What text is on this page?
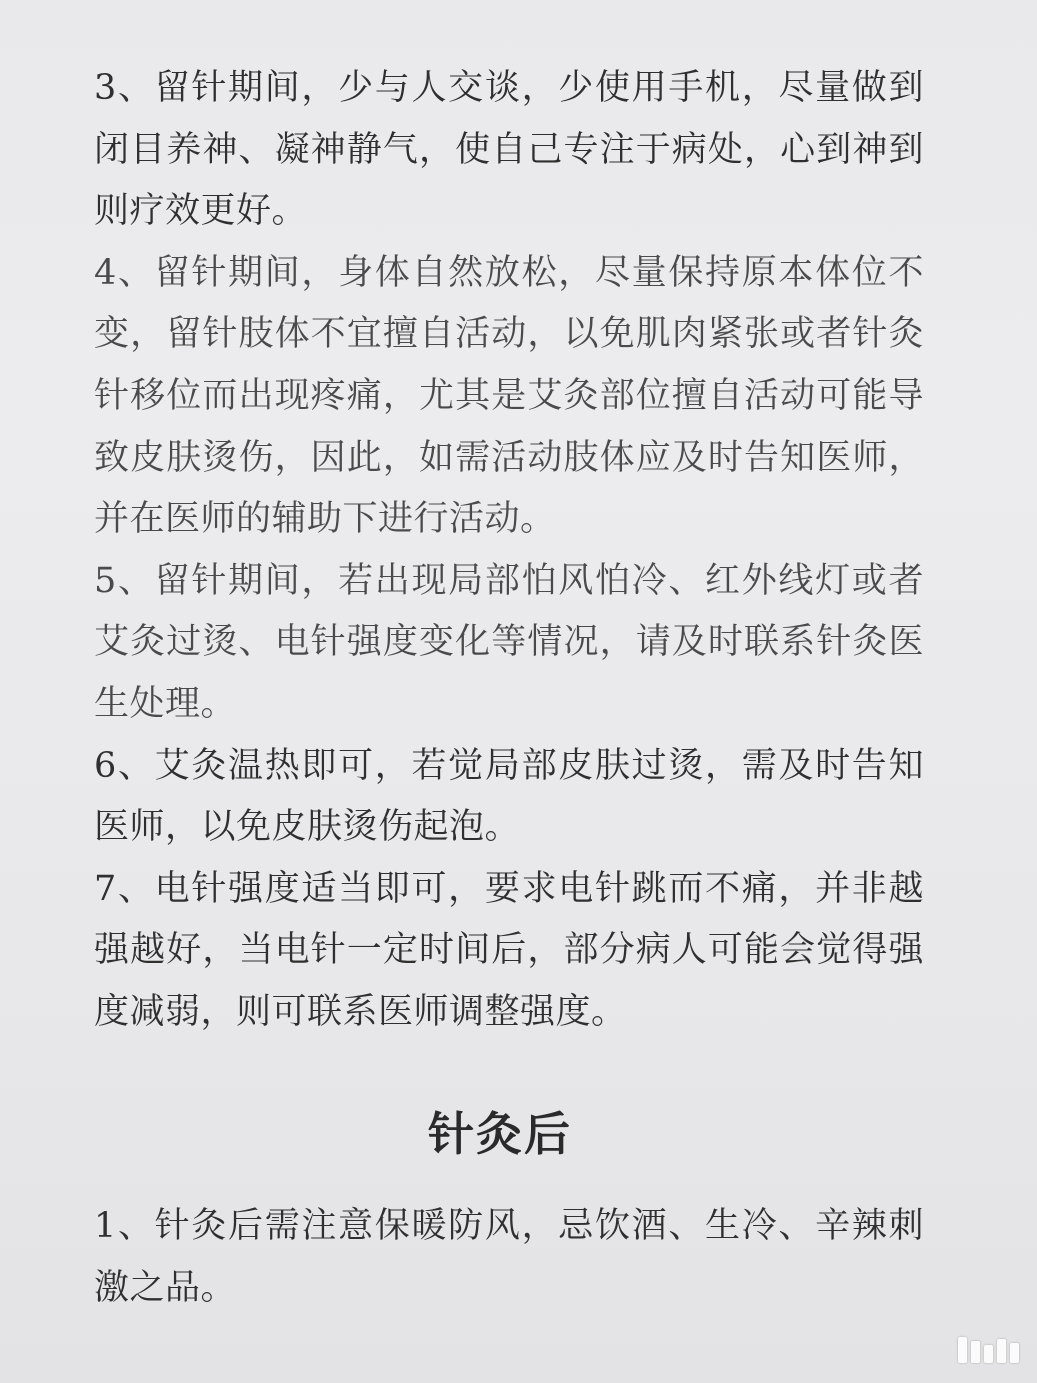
3、留针期间，少与人交谈，少使用手机，尽量做到闭目养神、凝神静气，使自己专注于病处，心到神到则疗效更好。

4、留针期间，身体自然放松，尽量保持原本体位不变，留针肢体不宜擅自活动，以免肌肉紧张或者针灸针移位而出现疼痛，尤其是艾灸部位擅自活动可能导致皮肤烫伤，因此，如需活动肢体应及时告知医师，并在医师的辅助下进行活动。

5、留针期间，若出现局部怕风怕冷、红外线灯或者艾灸过烫、电针强度变化等情况，请及时联系针灸医生处理。

6、艾灸温热即可，若觉局部皮肤过烫，需及时告知医师，以免皮肤烫伤起泡。

7、电针强度适当即可，要求电针跳而不痛，并非越强越好，当电针一定时间后，部分病人可能会觉得强度减弱，则可联系医师调整强度。

针灸后

1、针灸后需注意保暖防风，忌饮酒、生冷、辛辣刺激之品。
